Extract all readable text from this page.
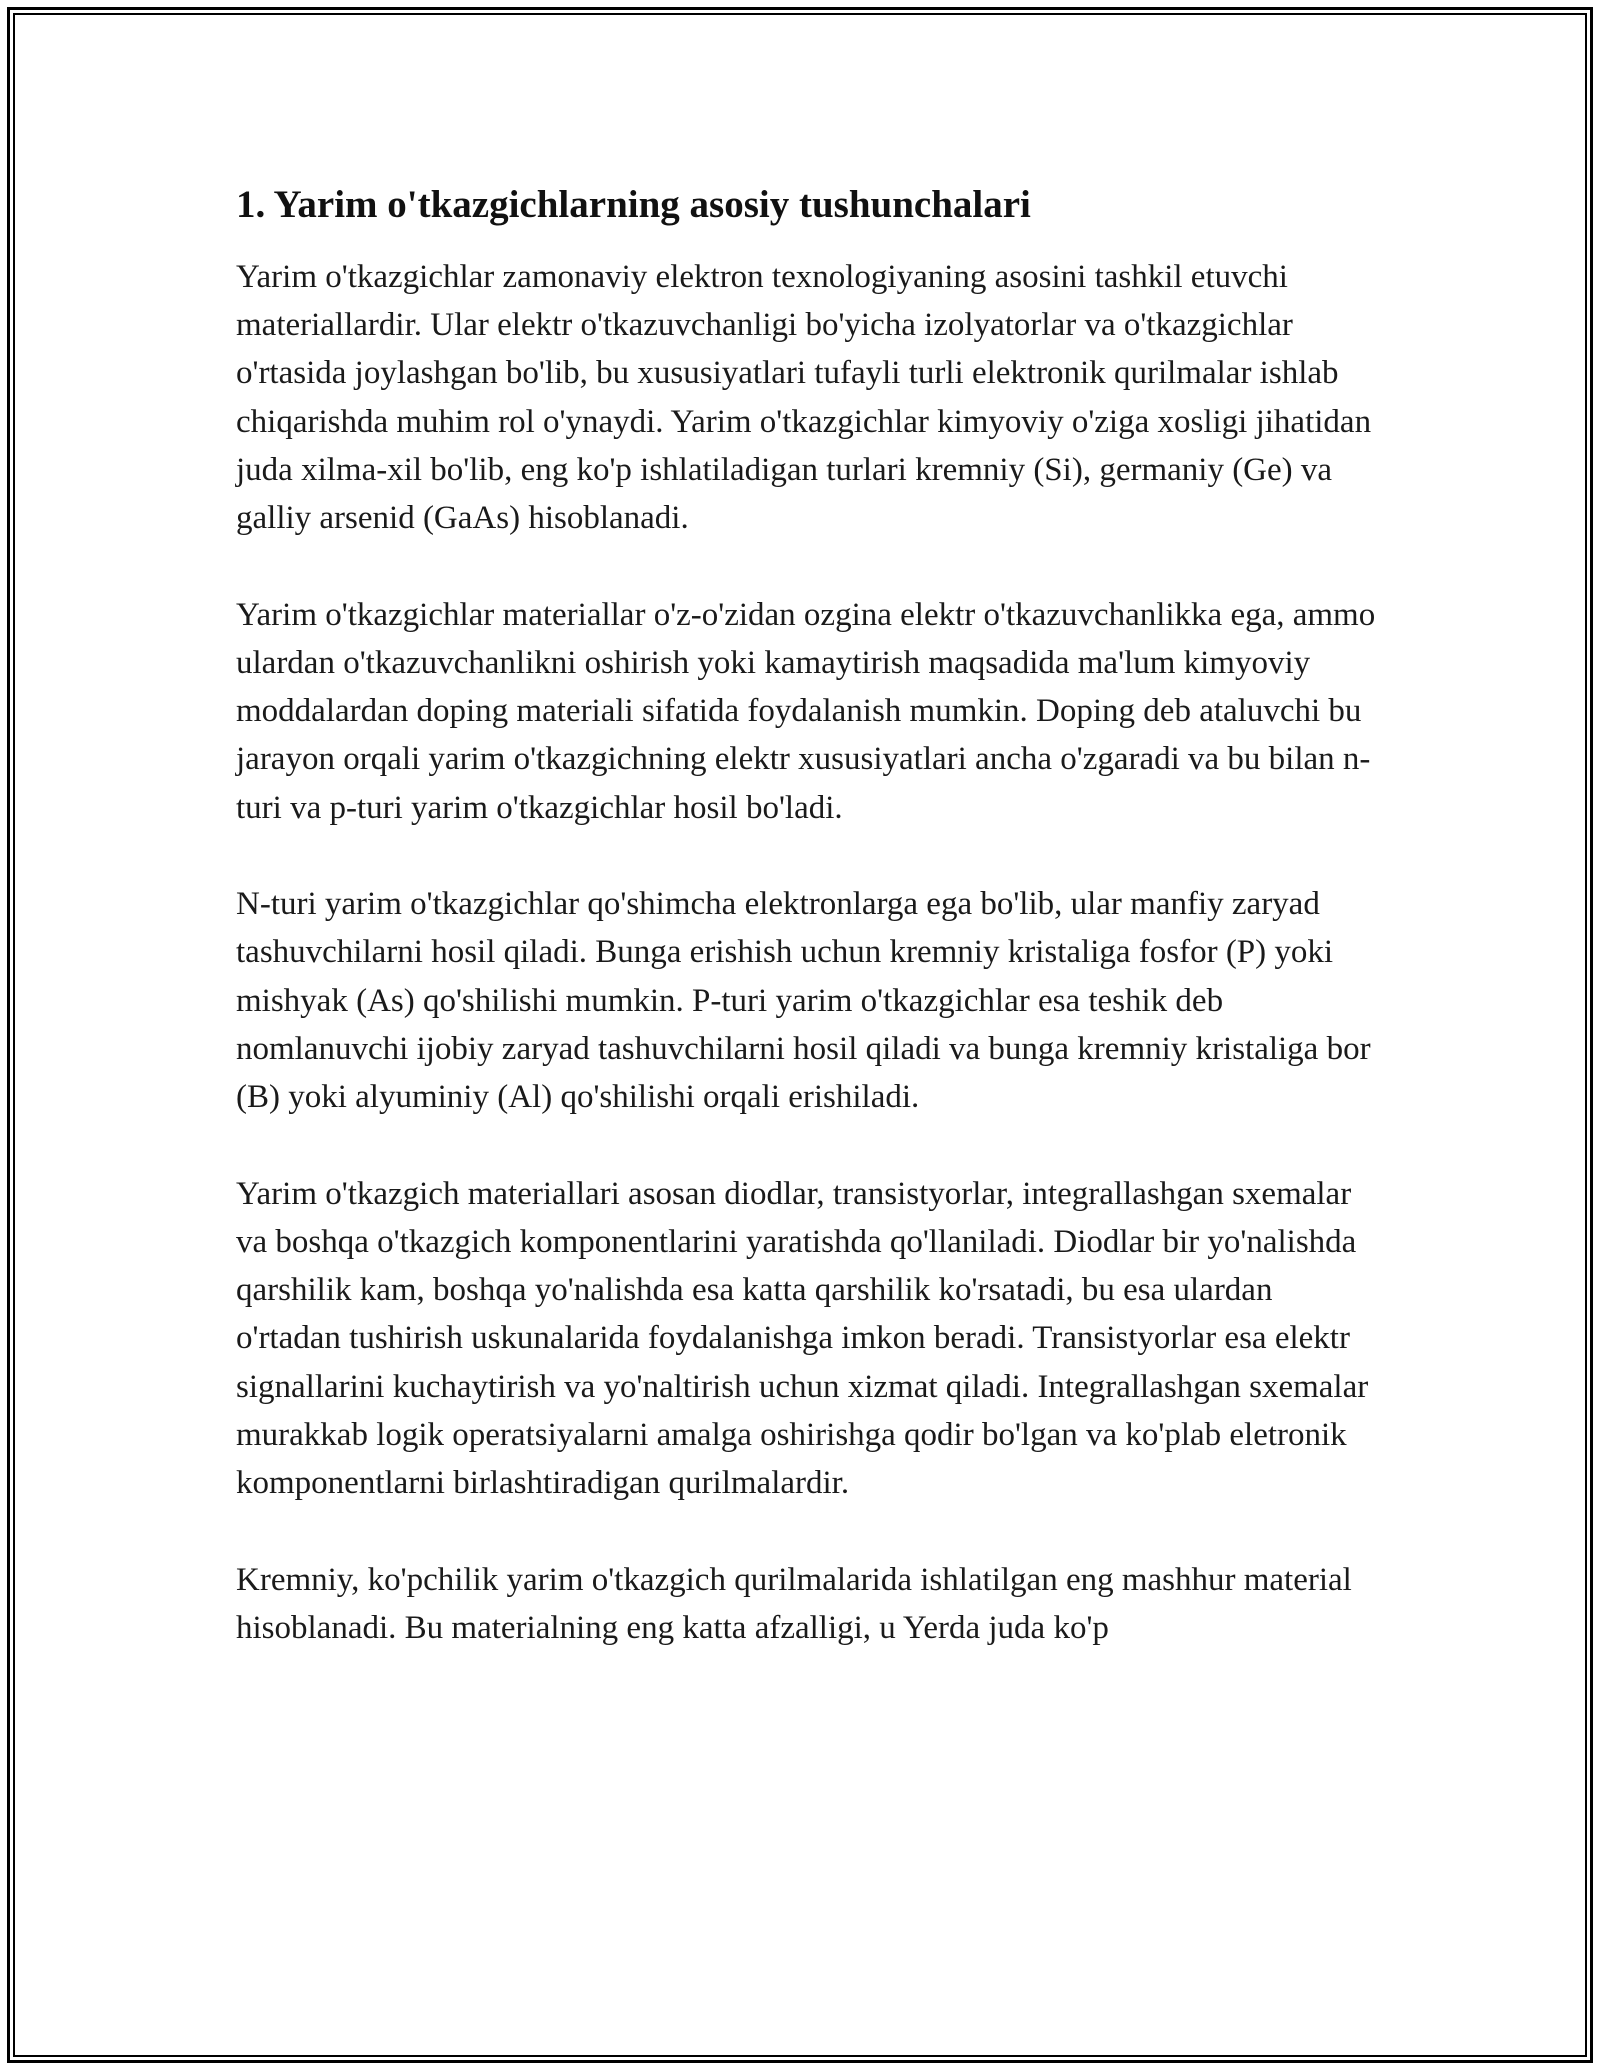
1. Yarim o'tkazgichlarning asosiy tushunchalari

Yarim o'tkazgichlar zamonaviy elektron texnologiyaning asosini tashkil etuvchi materiallardir. Ular elektr o'tkazuvchanligi bo'yicha izolyatorlar va o'tkazgichlar o'rtasida joylashgan bo'lib, bu xususiyatlari tufayli turli elektronik qurilmalar ishlab chiqarishda muhim rol o'ynaydi. Yarim o'tkazgichlar kimyoviy o'ziga xosligi jihatidan juda xilma-xil bo'lib, eng ko'p ishlatiladigan turlari kremniy (Si), germaniy (Ge) va galliy arsenid (GaAs) hisoblanadi.

Yarim o'tkazgichlar materiallar o'z-o'zidan ozgina elektr o'tkazuvchanlikka ega, ammo ulardan o'tkazuvchanlikni oshirish yoki kamaytirish maqsadida ma'lum kimyoviy moddalardan doping materiali sifatida foydalanish mumkin. Doping deb ataluvchi bu jarayon orqali yarim o'tkazgichning elektr xususiyatlari ancha o'zgaradi va bu bilan n-turi va p-turi yarim o'tkazgichlar hosil bo'ladi.

N-turi yarim o'tkazgichlar qo'shimcha elektronlarga ega bo'lib, ular manfiy zaryad tashuvchilarni hosil qiladi. Bunga erishish uchun kremniy kristaliga fosfor (P) yoki mishyak (As) qo'shilishi mumkin. P-turi yarim o'tkazgichlar esa teshik deb nomlanuvchi ijobiy zaryad tashuvchilarni hosil qiladi va bunga kremniy kristaliga bor (B) yoki alyuminiy (Al) qo'shilishi orqali erishiladi.

Yarim o'tkazgich materiallari asosan diodlar, transistyorlar, integrallashgan sxemalar va boshqa o'tkazgich komponentlarini yaratishda qo'llaniladi. Diodlar bir yo'nalishda qarshilik kam, boshqa yo'nalishda esa katta qarshilik ko'rsatadi, bu esa ulardan o'rtadan tushirish uskunalarida foydalanishga imkon beradi. Transistyorlar esa elektr signallarini kuchaytirish va yo'naltirish uchun xizmat qiladi. Integrallashgan sxemalar murakkab logik operatsiyalarni amalga oshirishga qodir bo'lgan va ko'plab eletronik komponentlarni birlashtiradigan qurilmalardir.

Kremniy, ko'pchilik yarim o'tkazgich qurilmalarida ishlatilgan eng mashhur material hisoblanadi. Bu materialning eng katta afzalligi, u Yerda juda ko'p
